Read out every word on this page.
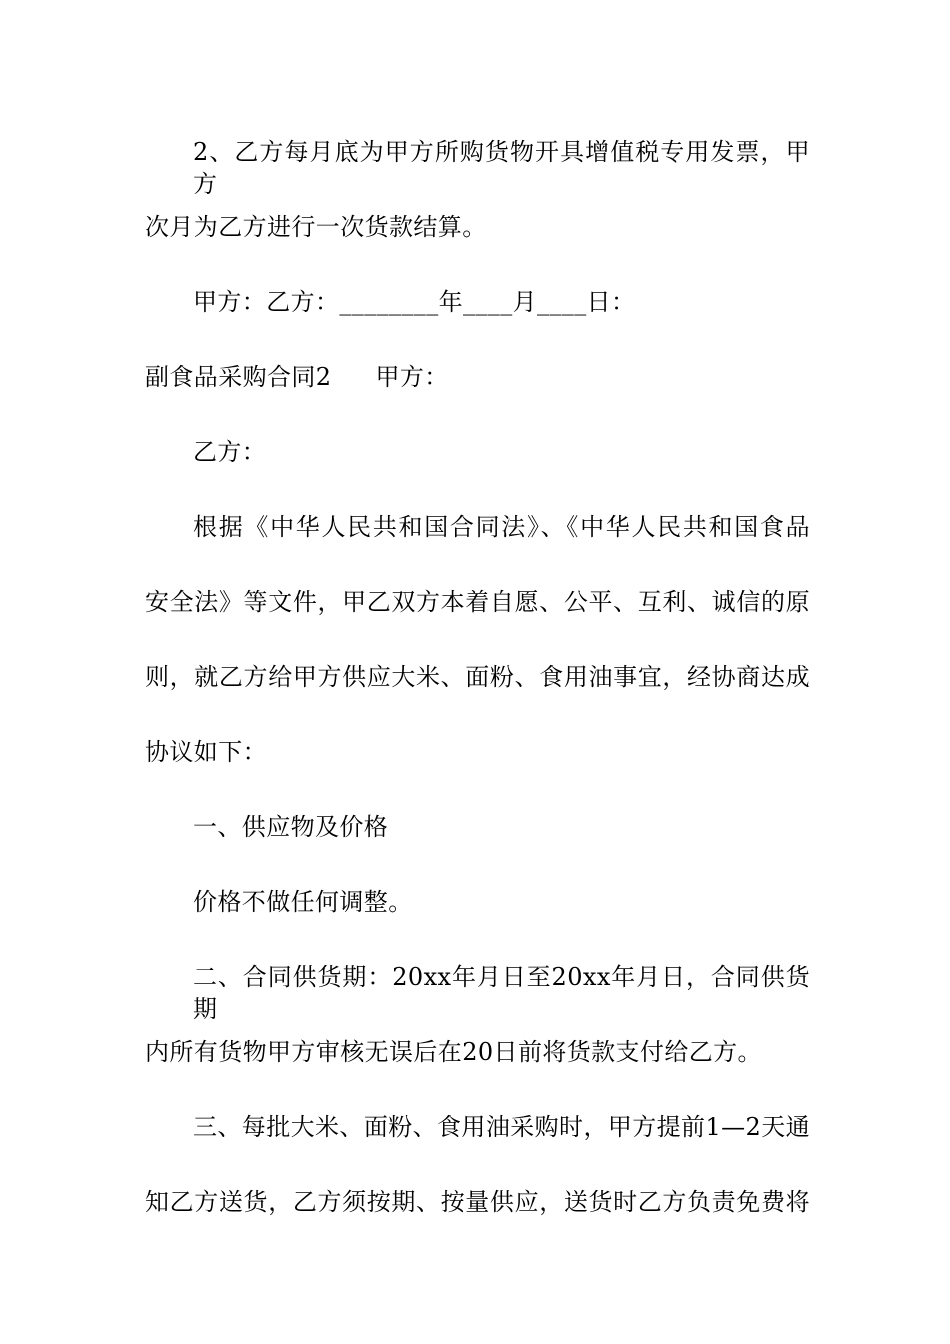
2、乙方每月底为甲方所购货物开具增值税专用发票，甲方
次月为乙方进行一次货款结算。
甲方：乙方：________年____月____日：
副食品采购合同2 甲方：
乙方：
根据《中华人民共和国合同法》、《中华人民共和国食品
安全法》等文件，甲乙双方本着自愿、公平、互利、诚信的原
则，就乙方给甲方供应大米、面粉、食用油事宜，经协商达成
协议如下：
一、供应物及价格
价格不做任何调整。
二、合同供货期：20xx年月日至20xx年月日，合同供货期
内所有货物甲方审核无误后在20日前将货款支付给乙方。
三、每批大米、面粉、食用油采购时，甲方提前1—2天通
知乙方送货，乙方须按期、按量供应，送货时乙方负责免费将
